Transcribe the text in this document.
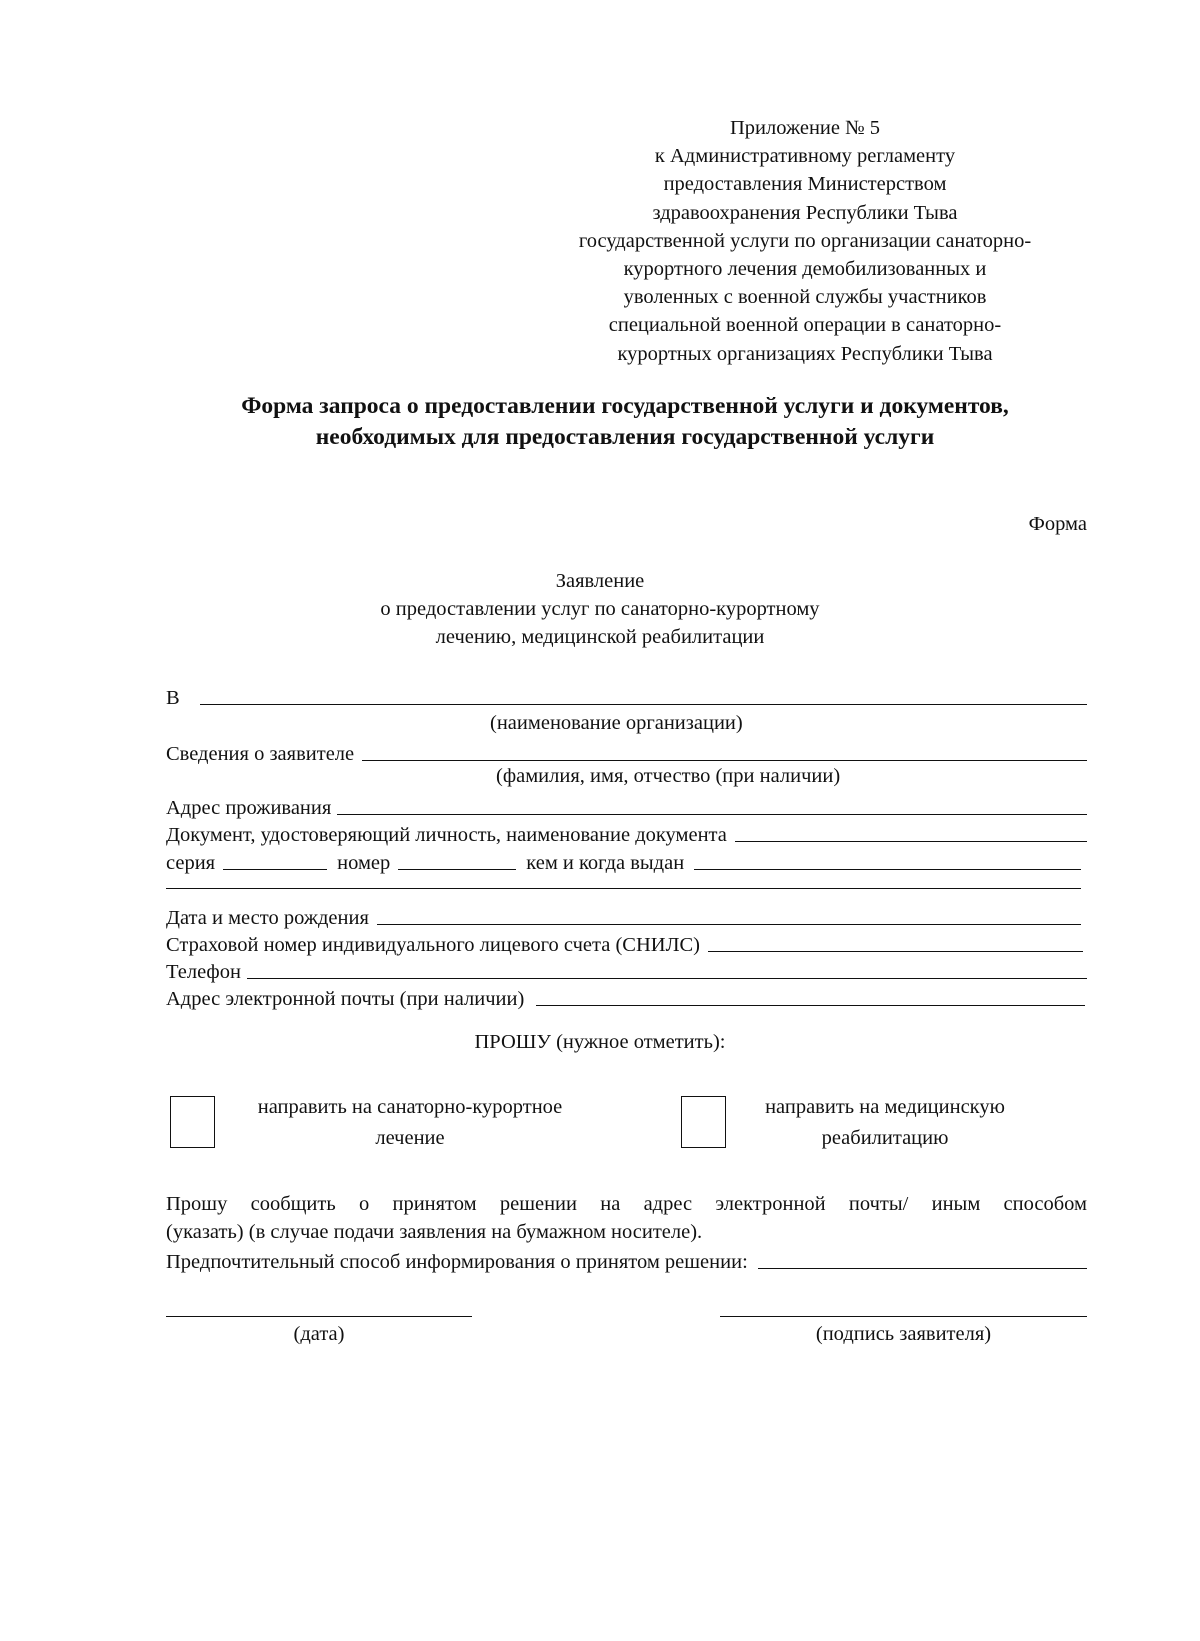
Приложение № 5
к Административному регламенту
предоставления Министерством
здравоохранения Республики Тыва
государственной услуги по организации санаторно-
курортного лечения демобилизованных и
уволенных с военной службы участников
специальной военной операции в санаторно-
курортных организациях Республики Тыва
Форма запроса о предоставлении государственной услуги и документов,
необходимых для предоставления государственной услуги
Форма
Заявление
о предоставлении услуг по санаторно-курортному
лечению, медицинской реабилитации
В
(наименование организации)
Сведения о заявителе
(фамилия, имя, отчество (при наличии)
Адрес проживания
Документ, удостоверяющий личность, наименование документа
серия	номер	кем и когда выдан
Дата и место рождения
Страховой номер индивидуального лицевого счета (СНИЛС)
Телефон
Адрес электронной почты (при наличии)
ПРОШУ (нужное отметить):
направить на санаторно-курортное
лечение
направить на медицинскую
реабилитацию
Прошу сообщить о принятом решении на адрес электронной почты/ иным способом
(указать) (в случае подачи заявления на бумажном носителе).
Предпочтительный способ информирования о принятом решении:
(дата)	(подпись заявителя)
